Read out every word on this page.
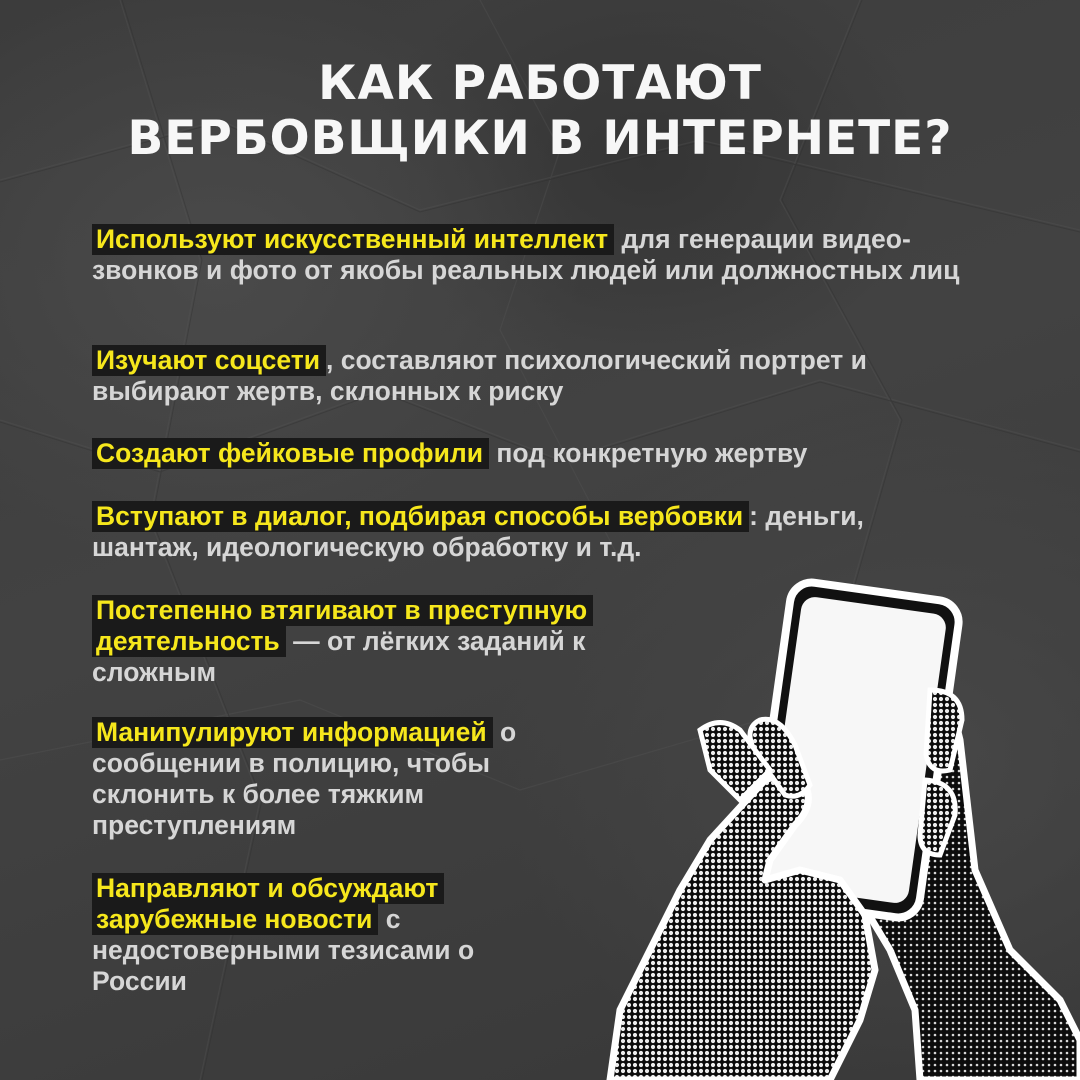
КАК РАБОТАЮТ
ВЕРБОВЩИКИ В ИНТЕРНЕТЕ?
Используют искусственный интеллект для генерации видео-звонков и фото от якобы реальных людей или должностных лиц
Изучают соцсети , составляют психологический портрет и выбирают жертв, склонных к риску
Создают фейковые профили под конкретную жертву
Вступают в диалог, подбирая способы вербовки : деньги, шантаж, идеологическую обработку и т.д.
Постепенно втягивают в преступную деятельность — от лёгких заданий к сложным
Манипулируют информацией о сообщении в полицию, чтобы склонить к более тяжким преступлениям
Направляют и обсуждают зарубежные новости с недостоверными тезисами о России
